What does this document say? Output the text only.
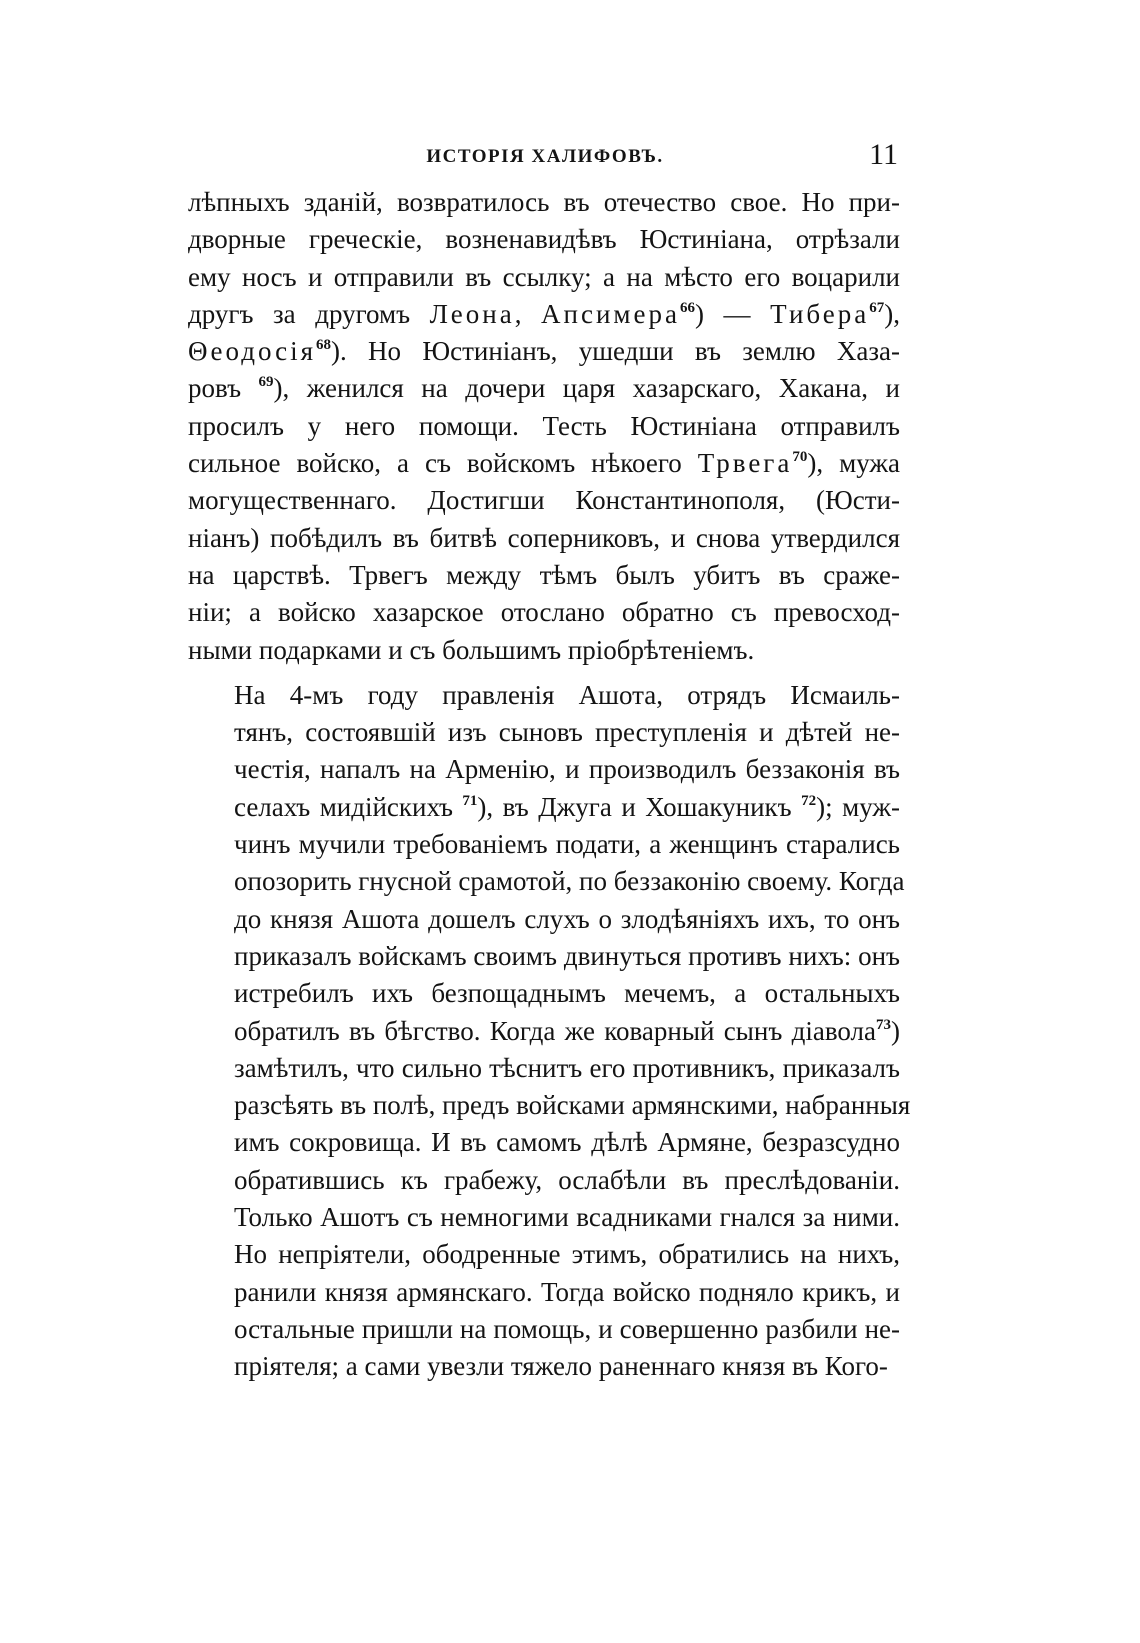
ИСТОРІЯ ХАЛИФОВЪ.	11
лѣпныхъ зданій, возвратилось въ отечество свое. Но при-
дворные греческіе, возненавидѣвъ Юстиніана, отрѣзали
ему носъ и отправили въ ссылку; а на мѣсто его воцарили
другъ за другомъ Леона, Апсимера$^{66}$) — Тибера$^{67}$),
Θеодосія$^{68}$). Но Юстиніанъ, ушедши въ землю Хаза-
ровъ $^{69}$), женился на дочери царя хазарскаго, Хакана, и
просилъ у него помощи. Тесть Юстиніана отправилъ
сильное войско, а съ войскомъ нѣкоего Трвега$^{70}$), мужа
могущественнаго. Достигши Константинополя, (Юсти-
ніанъ) побѣдилъ въ битвѣ соперниковъ, и снова утвердился
на царствѣ. Трвегъ между тѣмъ былъ убитъ въ сраже-
ніи; а войско хазарское отослано обратно съ превосход-
ными подарками и съ большимъ пріобрѣтеніемъ.
На 4-мъ году правленія Ашота, отрядъ Исмаиль-
тянъ, состоявшій изъ сыновъ преступленія и дѣтей не-
честія, напалъ на Арменію, и производилъ беззаконія въ
селахъ мидійскихъ $^{71}$), въ Джуга и Хошакуникъ $^{72}$); муж-
чинъ мучили требованіемъ подати, а женщинъ старались
опозорить гнусной срамотой, по беззаконію своему. Когда
до князя Ашота дошелъ слухъ о злодѣяніяхъ ихъ, то онъ
приказалъ войскамъ своимъ двинуться противъ нихъ: онъ
истребилъ ихъ безпощаднымъ мечемъ, а остальныхъ
обратилъ въ бѣгство. Когда же коварный сынъ діавола$^{73}$)
замѣтилъ, что сильно тѣснитъ его противникъ, приказалъ
разсѣять въ полѣ, предъ войсками армянскими, набранныя
имъ сокровища. И въ самомъ дѣлѣ Армяне, безразсудно
обратившись къ грабежу, ослабѣли въ преслѣдованіи.
Только Ашотъ съ немногими всадниками гнался за ними.
Но непріятели, ободренные этимъ, обратились на нихъ,
ранили князя армянскаго. Тогда войско подняло крикъ, и
остальные пришли на помощь, и совершенно разбили не-
пріятеля; а сами увезли тяжело раненнаго князя въ Кого-
